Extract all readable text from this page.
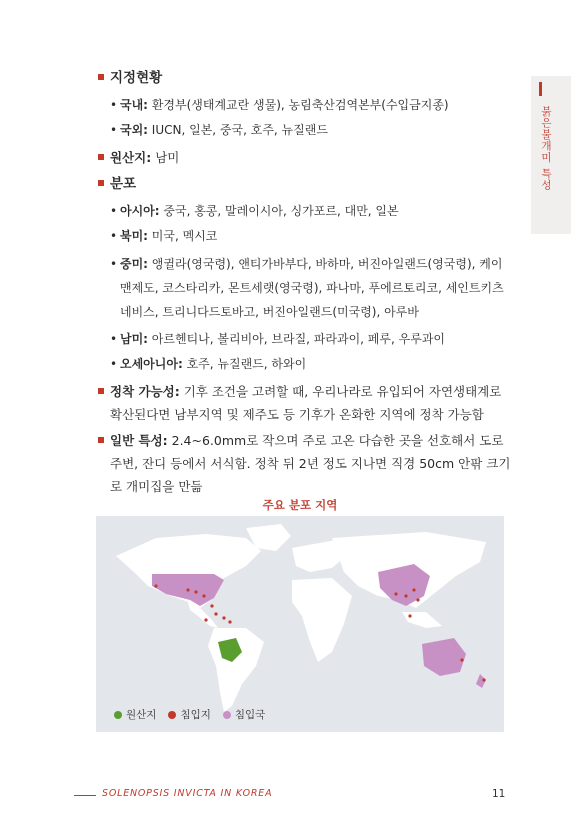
지정현황
• 국내: 환경부(생태계교란 생물), 농림축산검역본부(수입금지종)
• 국외: IUCN, 일본, 중국, 호주, 뉴질랜드
원산지: 남미
분포
• 아시아: 중국, 홍콩, 말레이시아, 싱가포르, 대만, 일본
• 북미: 미국, 멕시코
• 중미: 앵귈라(영국령), 앤티가바부다, 바하마, 버진아일랜드(영국령), 케이맨제도, 코스타리카, 몬트세랫(영국령), 파나마, 푸에르토리코, 세인트키츠네비스, 트리니다드토바고, 버진아일랜드(미국령), 아루바
• 남미: 아르헨티나, 볼리비아, 브라질, 파라과이, 페루, 우루과이
• 오세아니아: 호주, 뉴질랜드, 하와이
정착 가능성: 기후 조건을 고려할 때, 우리나라로 유입되어 자연생태계로 확산된다면 남부지역 및 제주도 등 기후가 온화한 지역에 정착 가능함
일반 특성: 2.4~6.0mm로 작으며 주로 고온 다습한 곳을 선호해서 도로 주변, 잔디 등에서 서식함. 정착 뒤 2년 정도 지나면 직경 50cm 안팎 크기로 개미집을 만듦
주요 분포 지역
원산지 침입지 침입국
붉은불개미 특성
SOLENOPSIS INVICTA IN KOREA	11
